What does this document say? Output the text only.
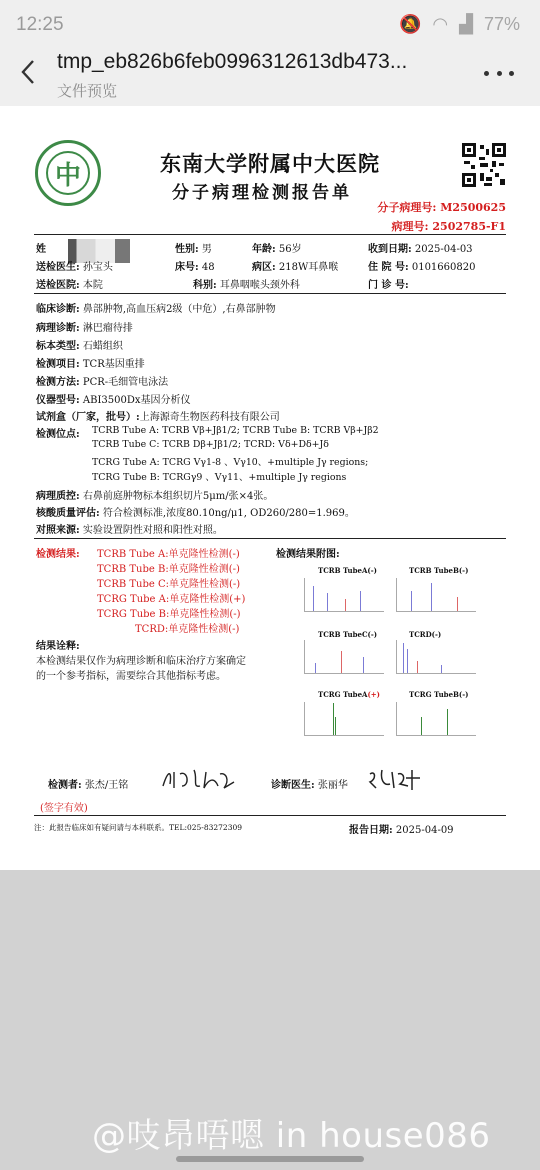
12:25	🔕 ◠ ▟ 77%
tmp_eb826b6feb0996312613db473...
文件预览
中	东南大学附属中大医院
分子病理检测报告单
分子病理号: M2500625
病理号: 2502785-F1
姓	性别: 男	年龄: 56岁	收到日期: 2025-04-03
送检医生: 孙宝头	床号: 48	病区: 218W耳鼻喉	住 院 号: 0101660820
送检医院: 本院	科别: 耳鼻咽喉头颈外科	门 诊 号:
临床诊断: 鼻部肿物,高血压病2级（中危）,右鼻部肿物
病理诊断: 淋巴瘤待排
标本类型: 石蜡组织
检测项目: TCR基因重排
检测方法: PCR-毛细管电泳法
仪器型号: ABI3500Dx基因分析仪
试剂盒（厂家，批号）:上海源奇生物医药科技有限公司
检测位点: TCRB Tube A: TCRB Vβ+Jβ1/2; TCRB Tube B: TCRB Vβ+Jβ2
TCRB Tube C: TCRB Dβ+Jβ1/2; TCRD: Vδ+Dδ+Jδ
TCRG Tube A: TCRG Vγ1-8 、Vγ10、+multiple Jγ regions;
TCRG Tube B: TCRGγ9 、Vγ11、+multiple Jγ regions
病理质控: 右鼻前庭肿物标本组织切片5μm/张×4张。
核酸质量评估: 符合检测标准,浓度80.10ng/μ1, OD260/280=1.969。
对照来源: 实验设置阴性对照和阳性对照。
检测结果: TCRB Tube A:单克隆性检测(-)
TCRB Tube B:单克隆性检测(-)
TCRB Tube C:单克隆性检测(-)
TCRG Tube A:单克隆性检测(+)
TCRG Tube B:单克隆性检测(-)
TCRD:单克隆性检测(-)
检测结果附图:
TCRB TubeA(-)	TCRB TubeB(-)
TCRB TubeC(-)	TCRD(-)
TCRG TubeA(+)	TCRG TubeB(-)
结果诠释:
本检测结果仅作为病理诊断和临床治疗方案确定
的一个参考指标，需要综合其他指标考虑。
检测者: 张杰/王铭	诊断医生: 张丽华
(签字有效)
注：此报告临床如有疑问请与本科联系。TEL:025-83272309	报告日期: 2025-04-09
@吱昂唔嗯 in house086
